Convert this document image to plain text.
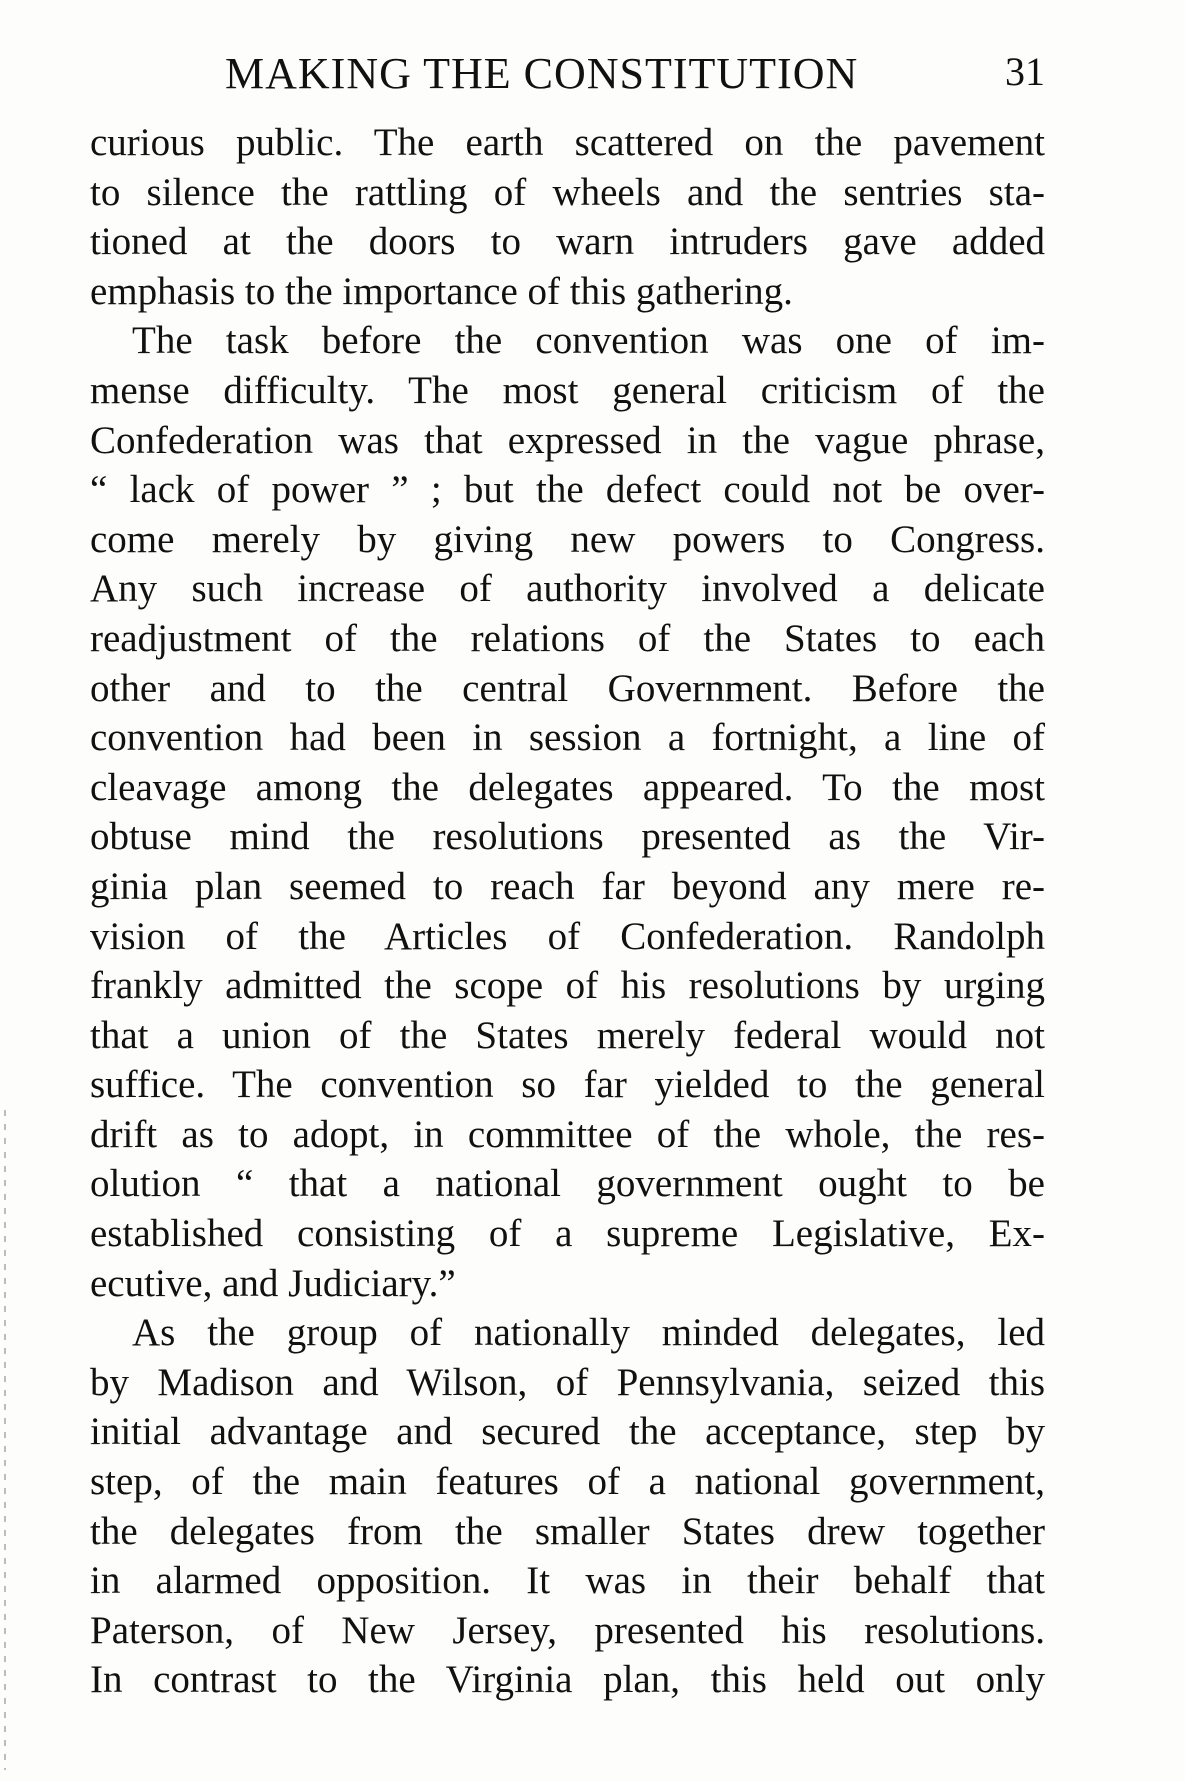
MAKING THE CONSTITUTION	31
curious public. The earth scattered on the pavement
to silence the rattling of wheels and the sentries sta-
tioned at the doors to warn intruders gave added
emphasis to the importance of this gathering.
The task before the convention was one of im-
mense difficulty. The most general criticism of the
Confederation was that expressed in the vague phrase,
“ lack of power ” ; but the defect could not be over-
come merely by giving new powers to Congress.
Any such increase of authority involved a delicate
readjustment of the relations of the States to each
other and to the central Government. Before the
convention had been in session a fortnight, a line of
cleavage among the delegates appeared. To the most
obtuse mind the resolutions presented as the Vir-
ginia plan seemed to reach far beyond any mere re-
vision of the Articles of Confederation. Randolph
frankly admitted the scope of his resolutions by urging
that a union of the States merely federal would not
suffice. The convention so far yielded to the general
drift as to adopt, in committee of the whole, the res-
olution “ that a national government ought to be
established consisting of a supreme Legislative, Ex-
ecutive, and Judiciary.”
As the group of nationally minded delegates, led
by Madison and Wilson, of Pennsylvania, seized this
initial advantage and secured the acceptance, step by
step, of the main features of a national government,
the delegates from the smaller States drew together
in alarmed opposition. It was in their behalf that
Paterson, of New Jersey, presented his resolutions.
In contrast to the Virginia plan, this held out only
